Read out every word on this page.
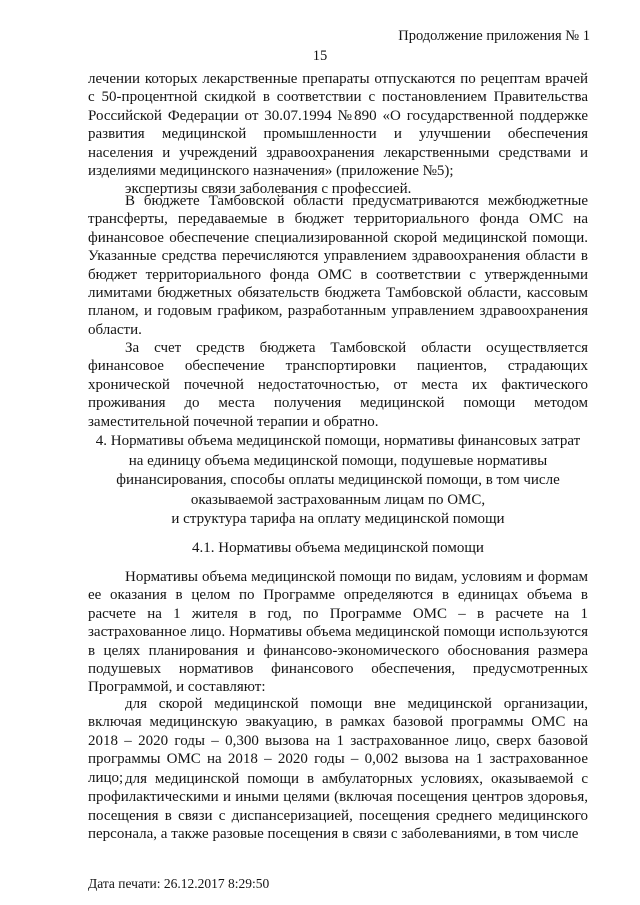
Продолжение приложения № 1
15

лечении которых лекарственные препараты отпускаются по рецептам врачей с 50-процентной скидкой в соответствии с постановлением Правительства Российской Федерации от 30.07.1994 №890 «О государственной поддержке развития медицинской промышленности и улучшении обеспечения населения и учреждений здравоохранения лекарственными средствами и изделиями медицинского назначения» (приложение №5);

экспертизы связи заболевания с профессией.

В бюджете Тамбовской области предусматриваются межбюджетные трансферты, передаваемые в бюджет территориального фонда ОМС на финансовое обеспечение специализированной скорой медицинской помощи. Указанные средства перечисляются управлением здравоохранения области в бюджет территориального фонда ОМС в соответствии с утвержденными лимитами бюджетных обязательств бюджета Тамбовской области, кассовым планом, и годовым графиком, разработанным управлением здравоохранения области.

За счет средств бюджета Тамбовской области осуществляется финансовое обеспечение транспортировки пациентов, страдающих хронической почечной недостаточностью, от места их фактического проживания до места получения медицинской помощи методом заместительной почечной терапии и обратно.

4. Нормативы объема медицинской помощи, нормативы финансовых затрат
на единицу объема медицинской помощи, подушевые нормативы
финансирования, способы оплаты медицинской помощи, в том числе
оказываемой застрахованным лицам по ОМС,
и структура тарифа на оплату медицинской помощи
4.1. Нормативы объема медицинской помощи

Нормативы объема медицинской помощи по видам, условиям и формам ее оказания в целом по Программе определяются в единицах объема в расчете на 1 жителя в год, по Программе ОМС – в расчете на 1 застрахованное лицо. Нормативы объема медицинской помощи используются в целях планирования и финансово-экономического обоснования размера подушевых нормативов финансового обеспечения, предусмотренных Программой, и составляют:

для скорой медицинской помощи вне медицинской организации, включая медицинскую эвакуацию, в рамках базовой программы ОМС на 2018 – 2020 годы – 0,300 вызова на 1 застрахованное лицо, сверх базовой программы ОМС на 2018 – 2020 годы – 0,002 вызова на 1 застрахованное лицо; для медицинской помощи в амбулаторных условиях, оказываемой с профилактическими и иными целями (включая посещения центров здоровья, посещения в связи с диспансеризацией, посещения среднего медицинского персонала, а также разовые посещения в связи с заболеваниями, в том числе

Дата печати: 26.12.2017 8:29:50
